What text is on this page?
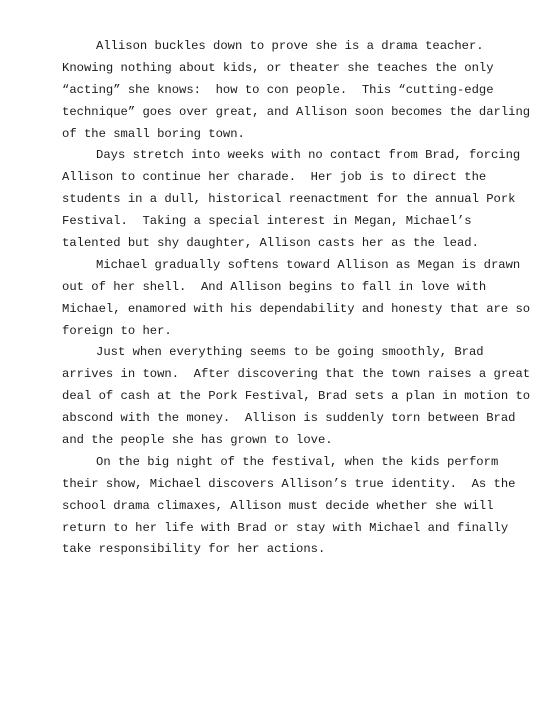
Allison buckles down to prove she is a drama teacher.
Knowing nothing about kids, or theater she teaches the only
“acting” she knows:  how to con people.  This “cutting-edge
technique” goes over great, and Allison soon becomes the darling
of the small boring town.
Days stretch into weeks with no contact from Brad, forcing
Allison to continue her charade.  Her job is to direct the
students in a dull, historical reenactment for the annual Pork
Festival.  Taking a special interest in Megan, Michael’s
talented but shy daughter, Allison casts her as the lead.
Michael gradually softens toward Allison as Megan is drawn
out of her shell.  And Allison begins to fall in love with
Michael, enamored with his dependability and honesty that are so
foreign to her.
Just when everything seems to be going smoothly, Brad
arrives in town.  After discovering that the town raises a great
deal of cash at the Pork Festival, Brad sets a plan in motion to
abscond with the money.  Allison is suddenly torn between Brad
and the people she has grown to love.
On the big night of the festival, when the kids perform
their show, Michael discovers Allison’s true identity.  As the
school drama climaxes, Allison must decide whether she will
return to her life with Brad or stay with Michael and finally
take responsibility for her actions.
